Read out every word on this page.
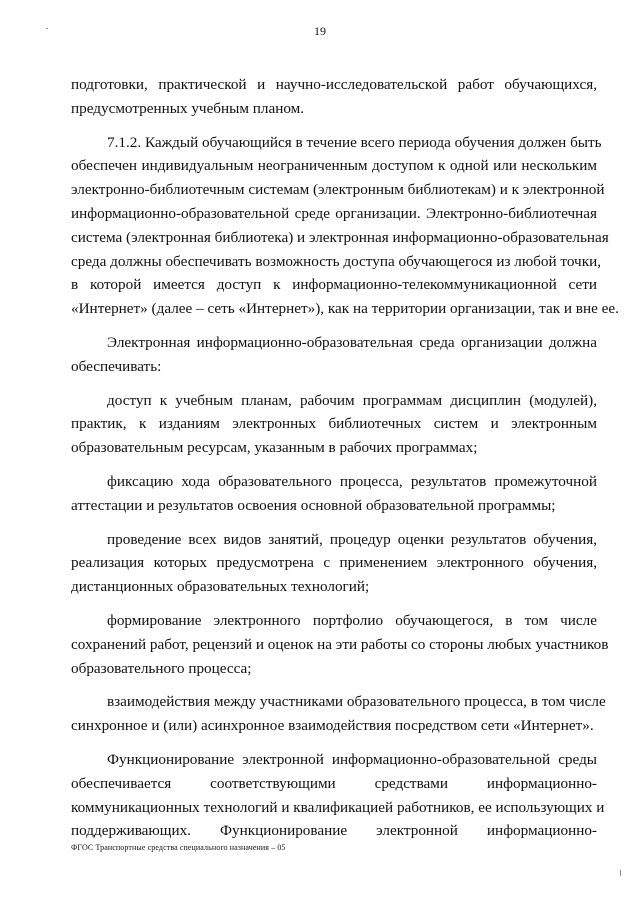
19
подготовки, практической и научно-исследовательской работ обучающихся,
предусмотренных учебным планом.
7.1.2. Каждый обучающийся в течение всего периода обучения должен быть
обеспечен индивидуальным неограниченным доступом к одной или нескольким
электронно-библиотечным системам (электронным библиотекам) и к электронной
информационно-образовательной среде организации. Электронно-библиотечная
система (электронная библиотека) и электронная информационно-образовательная
среда должны обеспечивать возможность доступа обучающегося из любой точки,
в которой имеется доступ к информационно-телекоммуникационной сети
«Интернет» (далее – сеть «Интернет»), как на территории организации, так и вне ее.
Электронная информационно-образовательная среда организации должна
обеспечивать:
доступ к учебным планам, рабочим программам дисциплин (модулей),
практик, к изданиям электронных библиотечных систем и электронным
образовательным ресурсам, указанным в рабочих программах;
фиксацию хода образовательного процесса, результатов промежуточной
аттестации и результатов освоения основной образовательной программы;
проведение всех видов занятий, процедур оценки результатов обучения,
реализация которых предусмотрена с применением электронного обучения,
дистанционных образовательных технологий;
формирование электронного портфолио обучающегося, в том числе
сохранений работ, рецензий и оценок на эти работы со стороны любых участников
образовательного процесса;
взаимодействия между участниками образовательного процесса, в том числе
синхронное и (или) асинхронное взаимодействия посредством сети «Интернет».
Функционирование электронной информационно-образовательной среды
обеспечивается соответствующими средствами информационно-
коммуникационных технологий и квалификацией работников, ее использующих и
поддерживающих. Функционирование электронной информационно-
ФГОС Транспортные средства специального назначения – 05
